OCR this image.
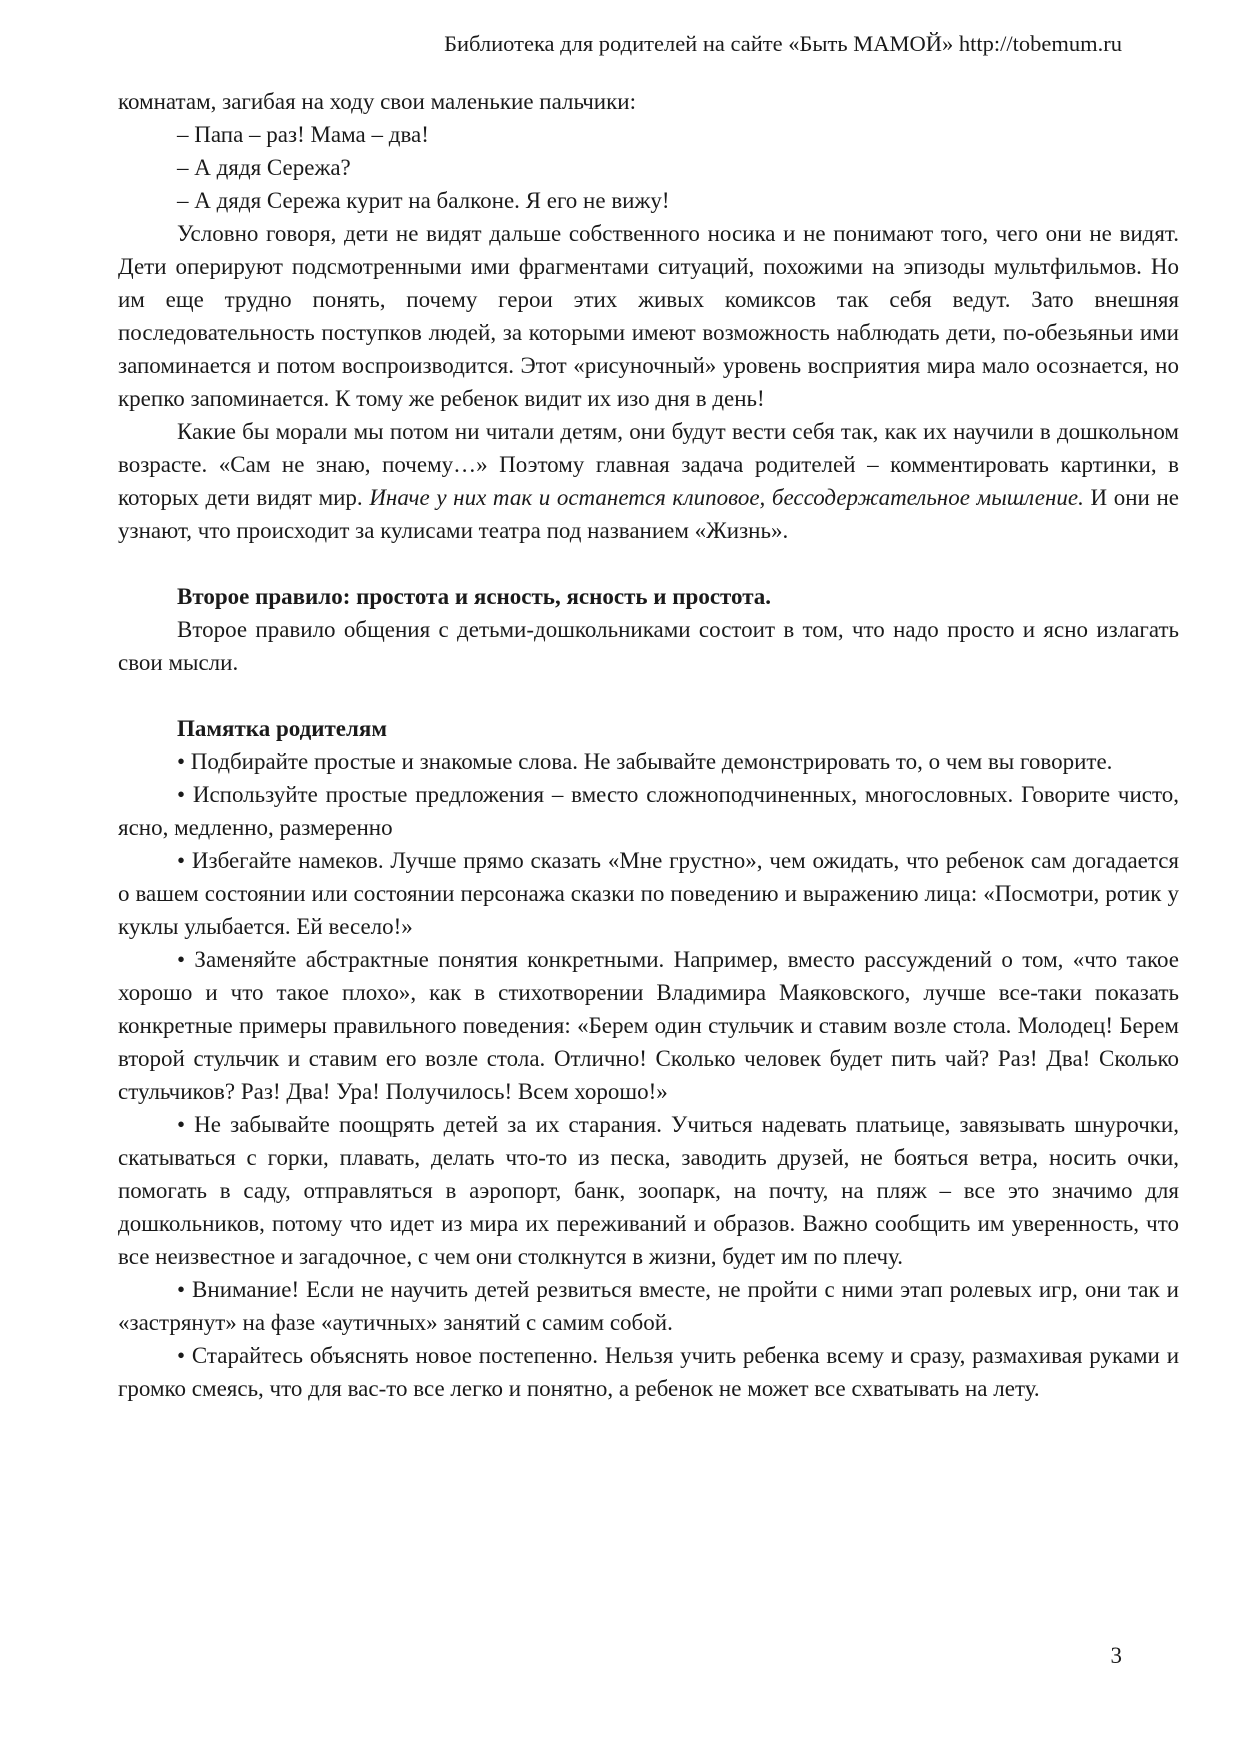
Библиотека для родителей на сайте «Быть МАМОЙ» http://tobemum.ru

комнатам, загибая на ходу свои маленькие пальчики:

– Папа – раз! Мама – два!

– А дядя Сережа?

– А дядя Сережа курит на балконе. Я его не вижу!

Условно говоря, дети не видят дальше собственного носика и не понимают того, чего они не видят. Дети оперируют подсмотренными ими фрагментами ситуаций, похожими на эпизоды мультфильмов. Но им еще трудно понять, почему герои этих живых комиксов так себя ведут. Зато внешняя последовательность поступков людей, за которыми имеют возможность наблюдать дети, по-обезьяньи ими запоминается и потом воспроизводится. Этот «рисуночный» уровень восприятия мира мало осознается, но крепко запоминается. К тому же ребенок видит их изо дня в день!

Какие бы морали мы потом ни читали детям, они будут вести себя так, как их научили в дошкольном возрасте. «Сам не знаю, почему…» Поэтому главная задача родителей – комментировать картинки, в которых дети видят мир. Иначе у них так и останется клиповое, бессодержательное мышление. И они не узнают, что происходит за кулисами театра под названием «Жизнь».

Второе правило: простота и ясность, ясность и простота.

Второе правило общения с детьми-дошкольниками состоит в том, что надо просто и ясно излагать свои мысли.

Памятка родителям

• Подбирайте простые и знакомые слова. Не забывайте демонстрировать то, о чем вы говорите.

• Используйте простые предложения – вместо сложноподчиненных, многословных. Говорите чисто, ясно, медленно, размеренно

• Избегайте намеков. Лучше прямо сказать «Мне грустно», чем ожидать, что ребенок сам догадается о вашем состоянии или состоянии персонажа сказки по поведению и выражению лица: «Посмотри, ротик у куклы улыбается. Ей весело!»

• Заменяйте абстрактные понятия конкретными. Например, вместо рассуждений о том, «что такое хорошо и что такое плохо», как в стихотворении Владимира Маяковского, лучше все-таки показать конкретные примеры правильного поведения: «Берем один стульчик и ставим возле стола. Молодец! Берем второй стульчик и ставим его возле стола. Отлично! Сколько человек будет пить чай? Раз! Два! Сколько стульчиков? Раз! Два! Ура! Получилось! Всем хорошо!»

• Не забывайте поощрять детей за их старания. Учиться надевать платьице, завязывать шнурочки, скатываться с горки, плавать, делать что-то из песка, заводить друзей, не бояться ветра, носить очки, помогать в саду, отправляться в аэропорт, банк, зоопарк, на почту, на пляж – все это значимо для дошкольников, потому что идет из мира их переживаний и образов. Важно сообщить им уверенность, что все неизвестное и загадочное, с чем они столкнутся в жизни, будет им по плечу.

• Внимание! Если не научить детей резвиться вместе, не пройти с ними этап ролевых игр, они так и «застрянут» на фазе «аутичных» занятий с самим собой.

• Старайтесь объяснять новое постепенно. Нельзя учить ребенка всему и сразу, размахивая руками и громко смеясь, что для вас-то все легко и понятно, а ребенок не может все схватывать на лету.

3
